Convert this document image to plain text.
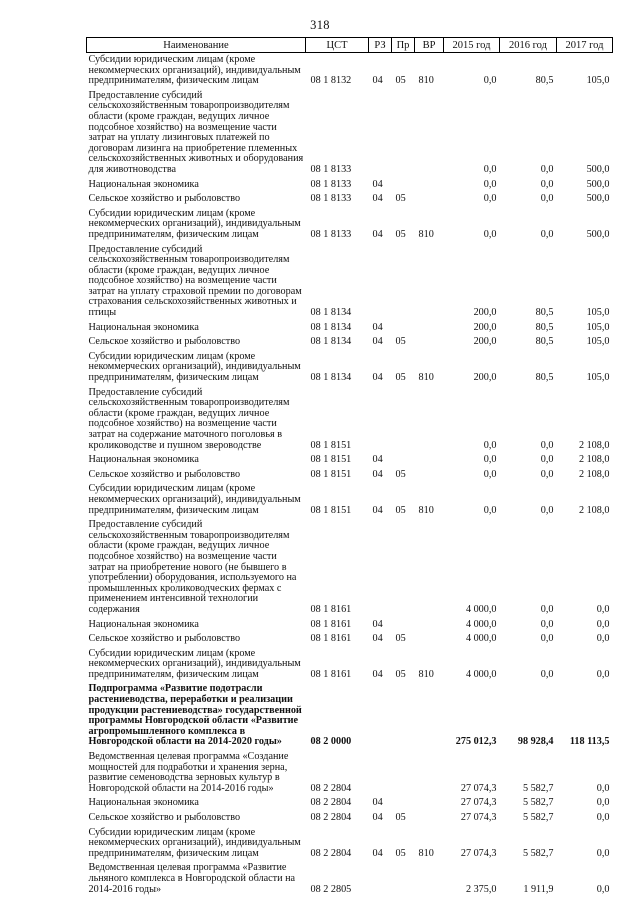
318
Наименование	ЦСТ	РЗ	Пр	ВР	2015 год	2016 год	2017 год
Субсидии юридическим лицам (кроме некоммерческих организаций), индивидуальным предпринимателям, физическим лицам	08 1 8132	04	05	810	0,0	80,5	105,0
Предоставление субсидий сельскохозяйственным товаропроизводителям области (кроме граждан, ведущих личное подсобное хозяйство) на возмещение части затрат на уплату лизинговых платежей по договорам лизинга на приобретение племенных сельскохозяйственных животных и оборудования для животноводства	08 1 8133				0,0	0,0	500,0
Национальная экономика	08 1 8133	04			0,0	0,0	500,0
Сельское хозяйство и рыболовство	08 1 8133	04	05		0,0	0,0	500,0
Субсидии юридическим лицам (кроме некоммерческих организаций), индивидуальным предпринимателям, физическим лицам	08 1 8133	04	05	810	0,0	0,0	500,0
Предоставление субсидий сельскохозяйственным товаропроизводителям области (кроме граждан, ведущих личное подсобное хозяйство) на возмещение части затрат на уплату страховой премии по договорам страхования сельскохозяйственных животных и птицы	08 1 8134				200,0	80,5	105,0
Национальная экономика	08 1 8134	04			200,0	80,5	105,0
Сельское хозяйство и рыболовство	08 1 8134	04	05		200,0	80,5	105,0
Субсидии юридическим лицам (кроме некоммерческих организаций), индивидуальным предпринимателям, физическим лицам	08 1 8134	04	05	810	200,0	80,5	105,0
Предоставление субсидий сельскохозяйственным товаропроизводителям области (кроме граждан, ведущих личное подсобное хозяйство) на возмещение части затрат на содержание маточного поголовья в кролиководстве и пушном звероводстве	08 1 8151				0,0	0,0	2 108,0
Национальная экономика	08 1 8151	04			0,0	0,0	2 108,0
Сельское хозяйство и рыболовство	08 1 8151	04	05		0,0	0,0	2 108,0
Субсидии юридическим лицам (кроме некоммерческих организаций), индивидуальным предпринимателям, физическим лицам	08 1 8151	04	05	810	0,0	0,0	2 108,0
Предоставление субсидий сельскохозяйственным товаропроизводителям области (кроме граждан, ведущих личное подсобное хозяйство) на возмещение части затрат на приобретение нового (не бывшего в употреблении) оборудования, используемого на промышленных кролиководческих фермах с применением интенсивной технологии содержания	08 1 8161				4 000,0	0,0	0,0
Национальная экономика	08 1 8161	04			4 000,0	0,0	0,0
Сельское хозяйство и рыболовство	08 1 8161	04	05		4 000,0	0,0	0,0
Субсидии юридическим лицам (кроме некоммерческих организаций), индивидуальным предпринимателям, физическим лицам	08 1 8161	04	05	810	4 000,0	0,0	0,0
Подпрограмма «Развитие подотрасли растениеводства, переработки и реализации продукции растениеводства» государственной программы Новгородской области «Развитие агропромышленного комплекса в Новгородской области на 2014-2020 годы»	08 2 0000				275 012,3	98 928,4	118 113,5
Ведомственная целевая программа «Создание мощностей для подработки и хранения зерна, развитие семеноводства зерновых культур в Новгородской области на 2014-2016 годы»	08 2 2804				27 074,3	5 582,7	0,0
Национальная экономика	08 2 2804	04			27 074,3	5 582,7	0,0
Сельское хозяйство и рыболовство	08 2 2804	04	05		27 074,3	5 582,7	0,0
Субсидии юридическим лицам (кроме некоммерческих организаций), индивидуальным предпринимателям, физическим лицам	08 2 2804	04	05	810	27 074,3	5 582,7	0,0
Ведомственная целевая программа «Развитие льняного комплекса в Новгородской области на 2014-2016 годы»	08 2 2805				2 375,0	1 911,9	0,0
